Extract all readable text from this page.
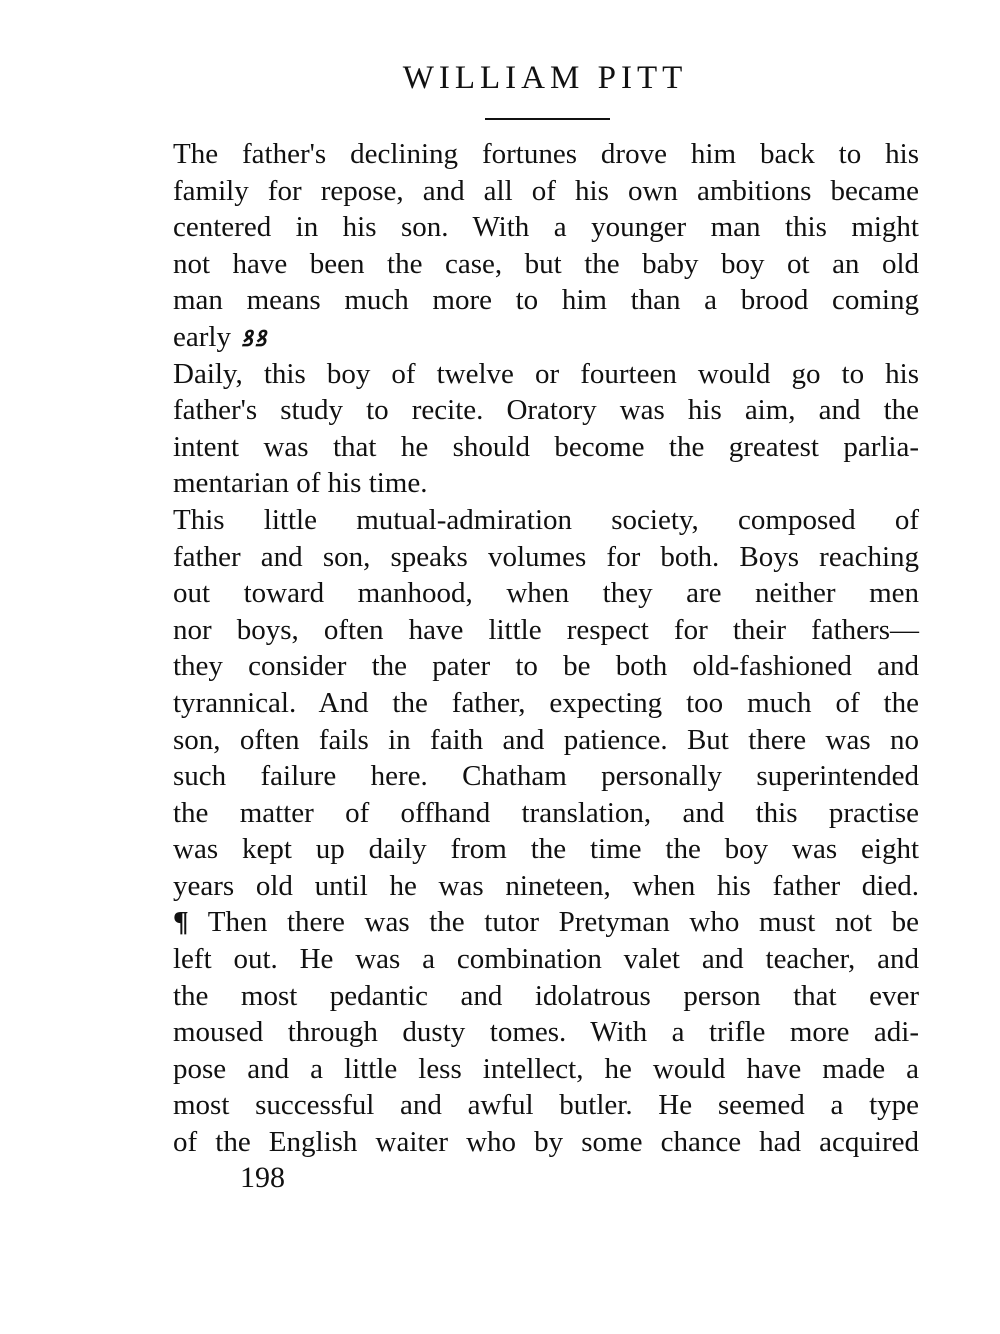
WILLIAM PITT
The father's declining fortunes drove him back to his
family for repose, and all of his own ambitions became
centered in his son. With a younger man this might
not have been the case, but the baby boy ot an old
man means much more to him than a brood coming
early ꝸꝸ
Daily, this boy of twelve or fourteen would go to his
father's study to recite. Oratory was his aim, and the
intent was that he should become the greatest parlia-
mentarian of his time.
This little mutual-admiration society, composed of
father and son, speaks volumes for both. Boys reaching
out toward manhood, when they are neither men
nor boys, often have little respect for their fathers—
they consider the pater to be both old-fashioned and
tyrannical. And the father, expecting too much of the
son, often fails in faith and patience. But there was no
such failure here. Chatham personally superintended
the matter of offhand translation, and this practise
was kept up daily from the time the boy was eight
years old until he was nineteen, when his father died.
¶ Then there was the tutor Pretyman who must not be
left out. He was a combination valet and teacher, and
the most pedantic and idolatrous person that ever
moused through dusty tomes. With a trifle more adi-
pose and a little less intellect, he would have made a
most successful and awful butler. He seemed a type
of the English waiter who by some chance had acquired
198
